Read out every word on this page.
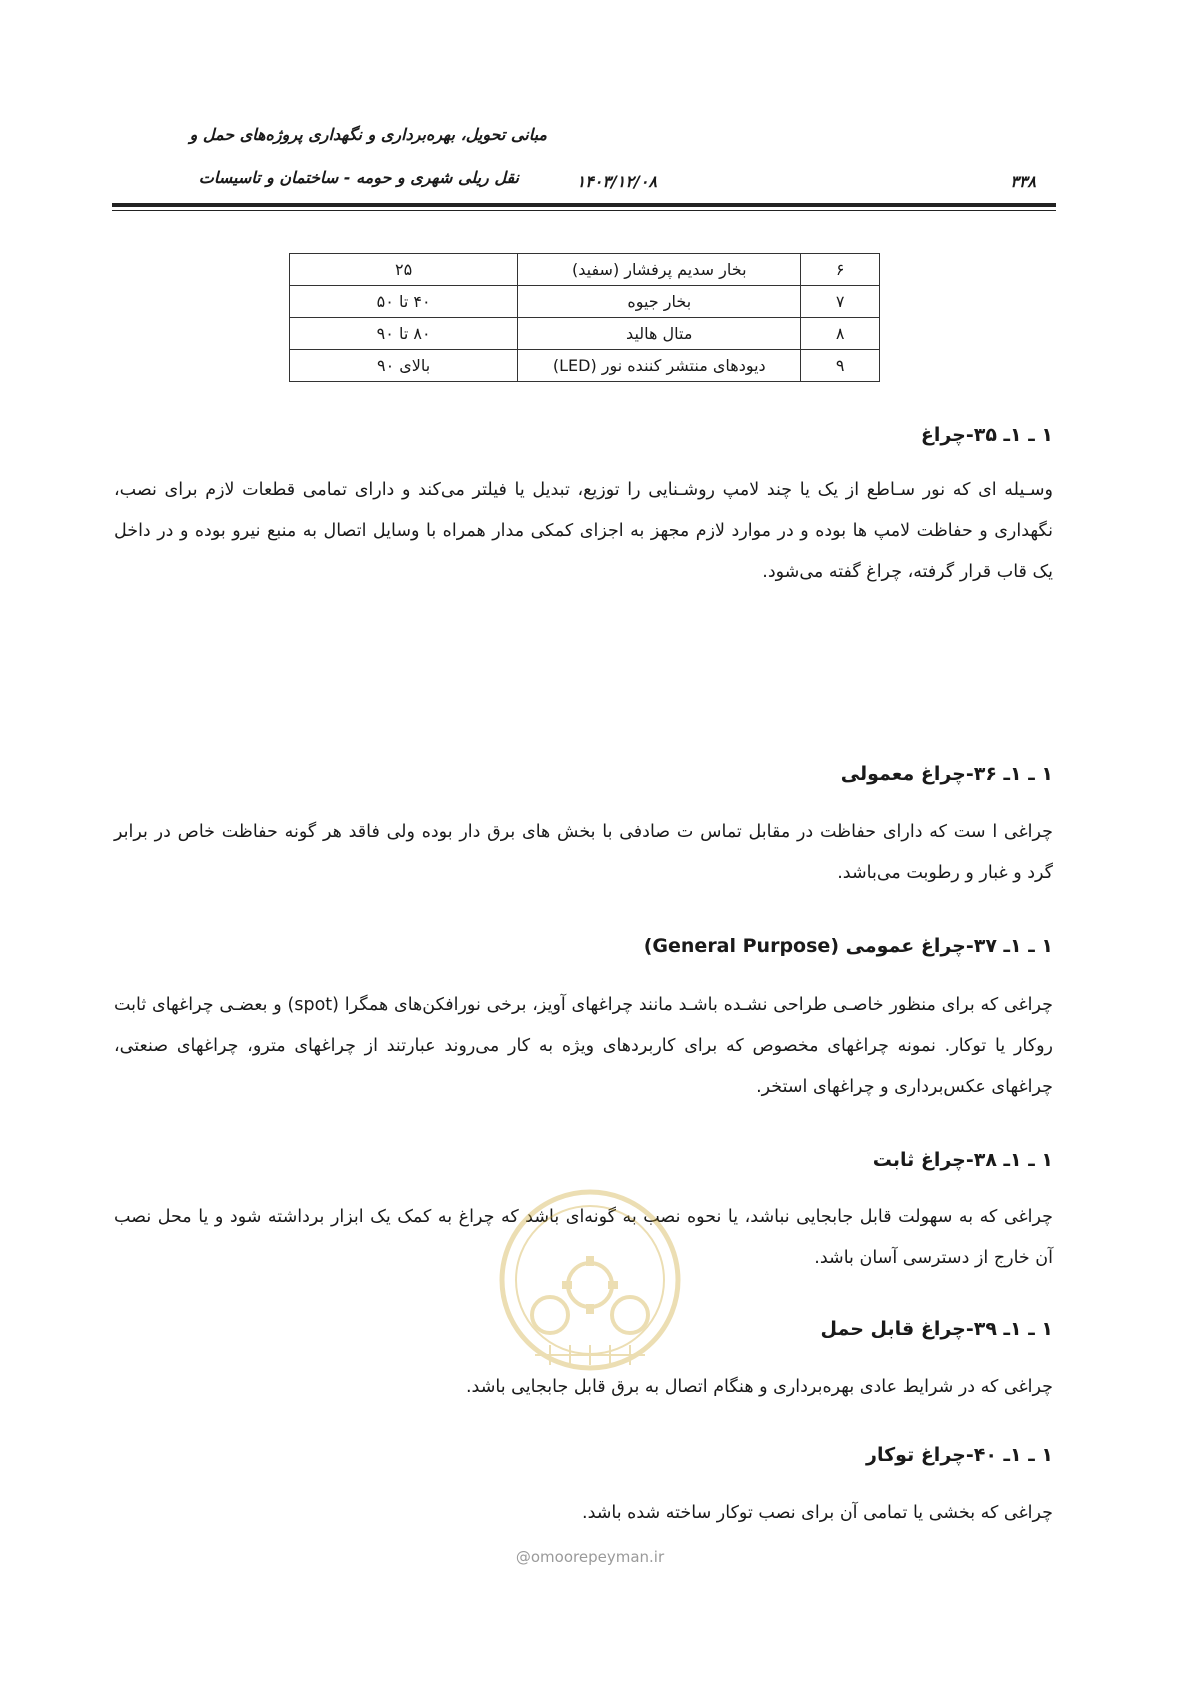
مبانی تحویل، بهره‌برداری و نگهداری پروژه‌های حمل و
نقل ریلی شهری و حومه - ساختمان و تاسیسات	۱۴۰۳/۱۲/۰۸	۳۳۸
۶	بخار سدیم پرفشار (سفید)	۲۵
۷	بخار جیوه	۴۰ تا ۵۰
۸	متال هالید	۸۰ تا ۹۰
۹	دیودهای منتشر کننده نور (LED)	بالای ۹۰
۱ ـ ۱ـ ۳۵-چراغ
وسـیله ای که نور سـاطع از یک یا چند لامپ روشـنایی را توزیع، تبدیل یا فیلتر می‌کند و دارای تمامی قطعات لازم برای نصب، نگهداری و حفاظت لامپ ها بوده و در موارد لازم مجهز به اجزای کمکی مدار همراه با وسایل اتصال به منبع نیرو بوده و در داخل یک قاب قرار گرفته، چراغ گفته می‌شود.
۱ ـ ۱ـ ۳۶-چراغ معمولی
چراغی ا ست که دارای حفاظت در مقابل تماس ت صادفی با بخش های برق دار بوده ولی فاقد هر گونه حفاظت خاص در برابر گرد و غبار و رطوبت می‌باشد.
۱ ـ ۱ـ ۳۷-چراغ عمومی (General Purpose)
چراغی که برای منظور خاصـی طراحی نشـده باشـد مانند چراغهای آویز، برخی نورافکن‌های همگرا (spot) و بعضـی چراغهای ثابت روکار یا توکار. نمونه چراغهای مخصوص که برای کاربردهای ویژه به کار می‌روند عبارتند از چراغهای مترو، چراغهای صنعتی، چراغهای عکس‌برداری و چراغهای استخر.
۱ ـ ۱ـ ۳۸-چراغ ثابت
چراغی که به سهولت قابل جابجایی نباشد، یا نحوه نصب به گونه‌ای باشد که چراغ به کمک یک ابزار برداشته شود و یا محل نصب آن خارج از دسترسی آسان باشد.
۱ ـ ۱ـ ۳۹-چراغ قابل حمل
چراغی که در شرایط عادی بهره‌برداری و هنگام اتصال به برق قابل جابجایی باشد.
۱ ـ ۱ـ ۴۰-چراغ توکار
چراغی که بخشی یا تمامی آن برای نصب توکار ساخته شده باشد.
@omoorepeyman.ir
